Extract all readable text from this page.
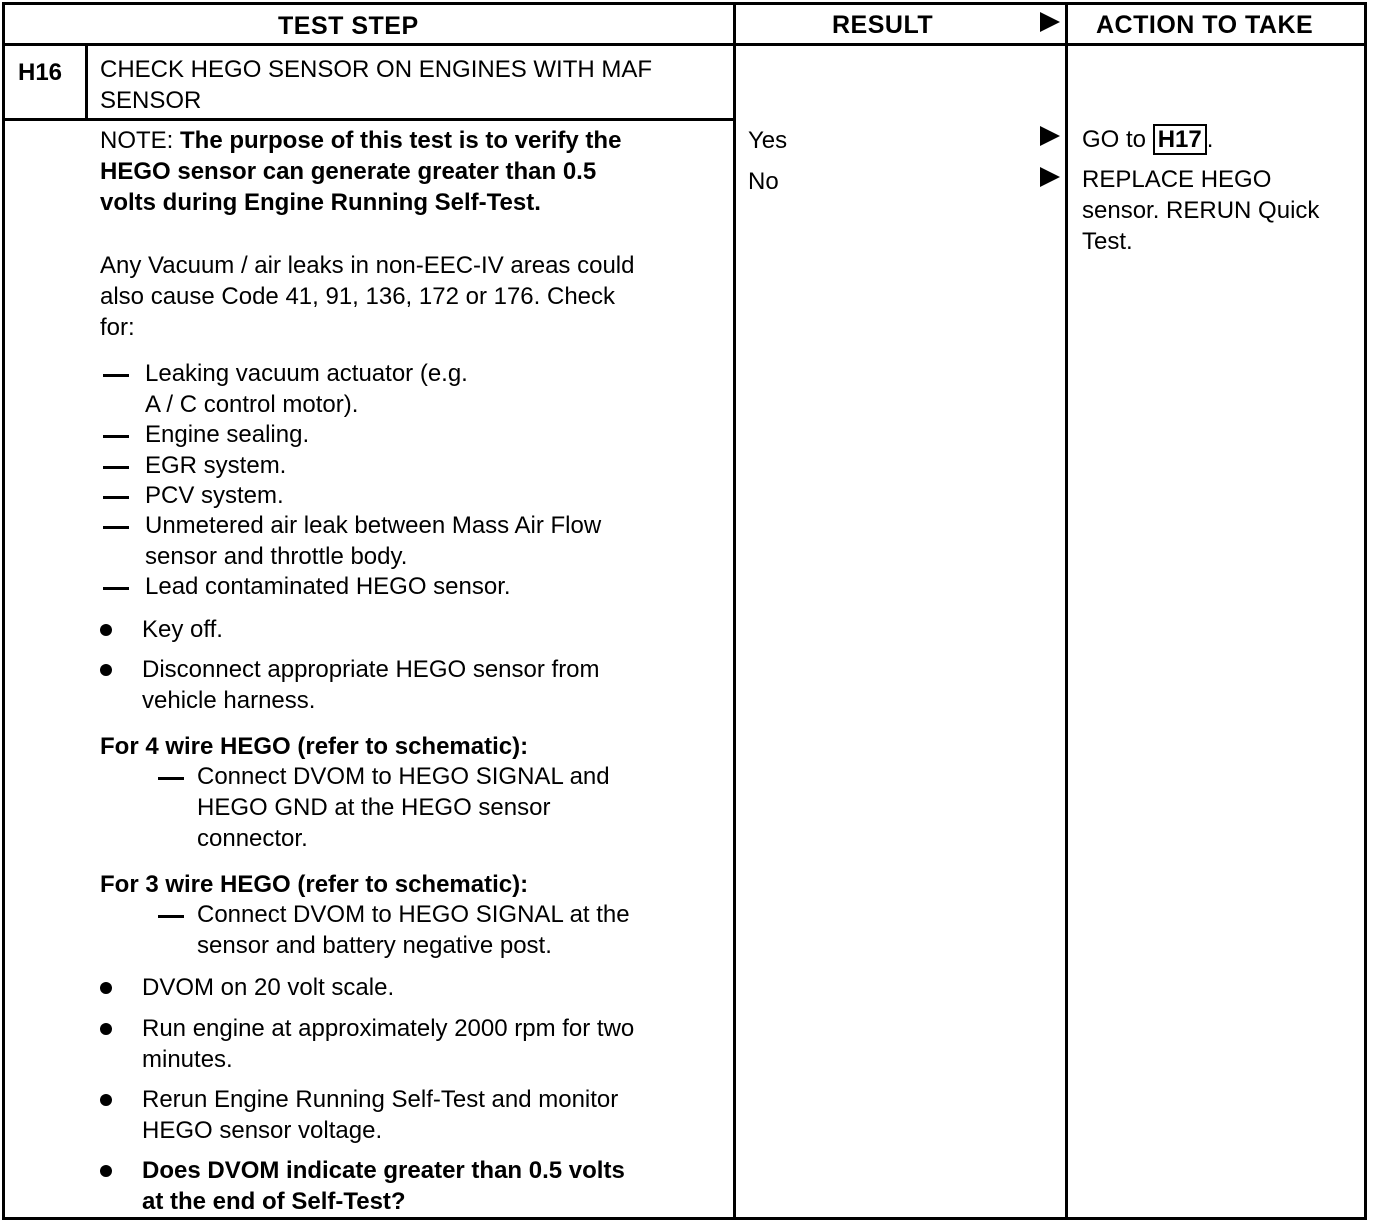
TEST STEP	RESULT	ACTION TO TAKE
H16 CHECK HEGO SENSOR ON ENGINES WITH MAF
SENSOR
NOTE: The purpose of this test is to verify the
HEGO sensor can generate greater than 0.5
volts during Engine Running Self-Test.
Any Vacuum / air leaks in non-EEC-IV areas could
also cause Code 41, 91, 136, 172 or 176. Check
for:
Leaking vacuum actuator (e.g.
A / C control motor).
Engine sealing.
EGR system.
PCV system.
Unmetered air leak between Mass Air Flow
sensor and throttle body.
Lead contaminated HEGO sensor.
Key off.
Disconnect appropriate HEGO sensor from
vehicle harness.
For 4 wire HEGO (refer to schematic):
Connect DVOM to HEGO SIGNAL and
HEGO GND at the HEGO sensor
connector.
For 3 wire HEGO (refer to schematic):
Connect DVOM to HEGO SIGNAL at the
sensor and battery negative post.
DVOM on 20 volt scale.
Run engine at approximately 2000 rpm for two
minutes.
Rerun Engine Running Self-Test and monitor
HEGO sensor voltage.
Does DVOM indicate greater than 0.5 volts
at the end of Self-Test?
Yes
No
GO to H17 .
REPLACE HEGO
sensor. RERUN Quick
Test.
